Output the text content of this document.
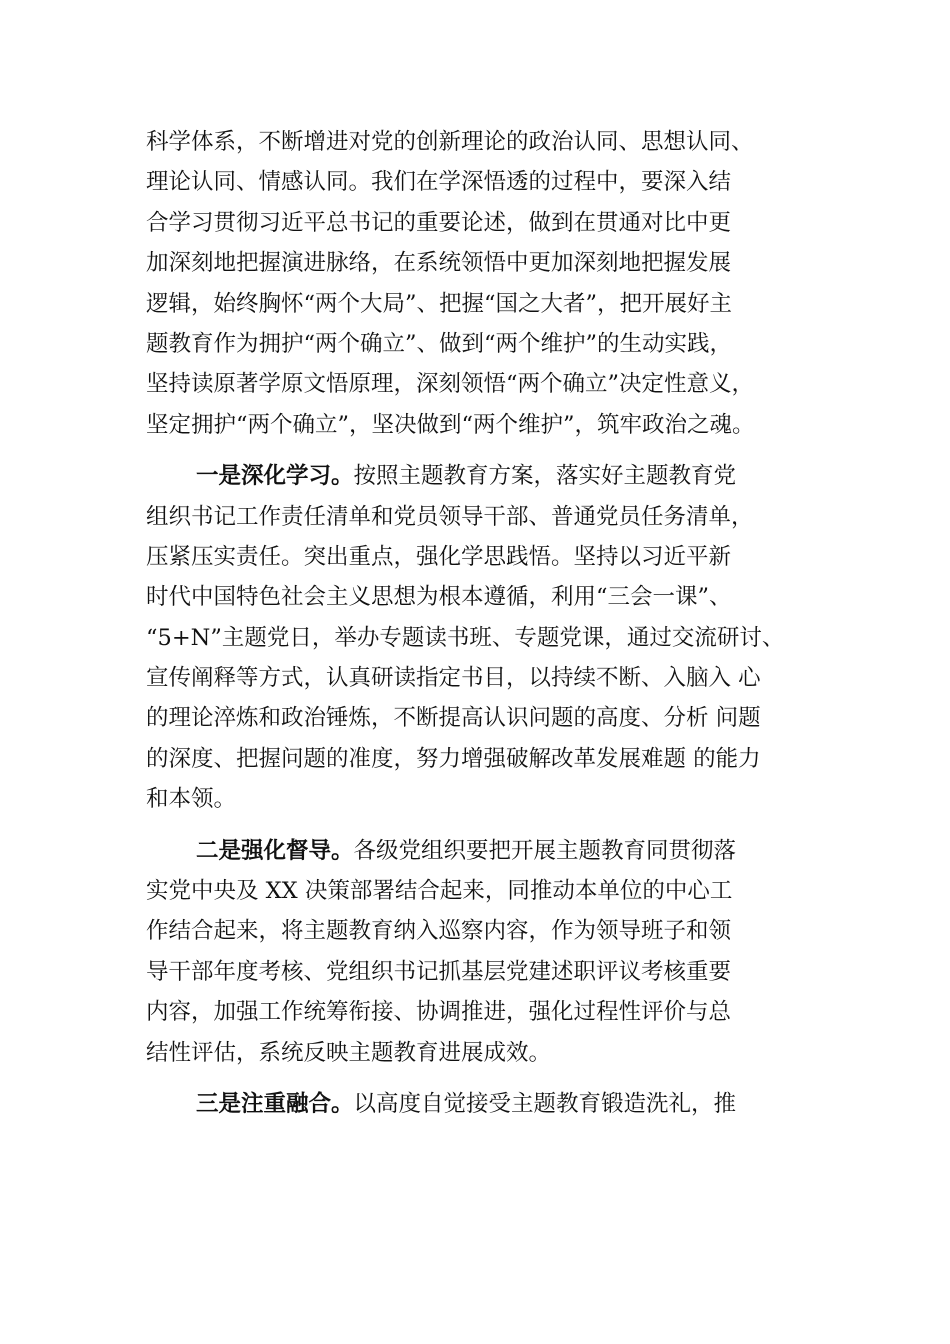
科学体系，不断增进对党的创新理论的政治认同、思想认同、
理论认同、情感认同。我们在学深悟透的过程中，要深入结
合学习贯彻习近平总书记的重要论述，做到在贯通对比中更
加深刻地把握演进脉络，在系统领悟中更加深刻地把握发展
逻辑，始终胸怀“两个大局”、把握“国之大者”，把开展好主
题教育作为拥护“两个确立”、做到“两个维护”的生动实践，
坚持读原著学原文悟原理，深刻领悟“两个确立”决定性意义，
坚定拥护“两个确立”，坚决做到“两个维护”，筑牢政治之魂。
一是深化学习。按照主题教育方案，落实好主题教育党
组织书记工作责任清单和党员领导干部、普通党员任务清单，
压紧压实责任。突出重点，强化学思践悟。坚持以习近平新
时代中国特色社会主义思想为根本遵循，利用“三会一课”、
“5+N”主题党日，举办专题读书班、专题党课，通过交流研讨、
宣传阐释等方式，认真研读指定书目，以持续不断、入脑入 心
的理论淬炼和政治锤炼，不断提高认识问题的高度、分析 问题
的深度、把握问题的准度，努力增强破解改革发展难题 的能力
和本领。
二是强化督导。各级党组织要把开展主题教育同贯彻落
实党中央及 XX 决策部署结合起来，同推动本单位的中心工
作结合起来，将主题教育纳入巡察内容，作为领导班子和领
导干部年度考核、党组织书记抓基层党建述职评议考核重要
内容，加强工作统筹衔接、协调推进，强化过程性评价与总
结性评估，系统反映主题教育进展成效。
三是注重融合。以高度自觉接受主题教育锻造洗礼，推
